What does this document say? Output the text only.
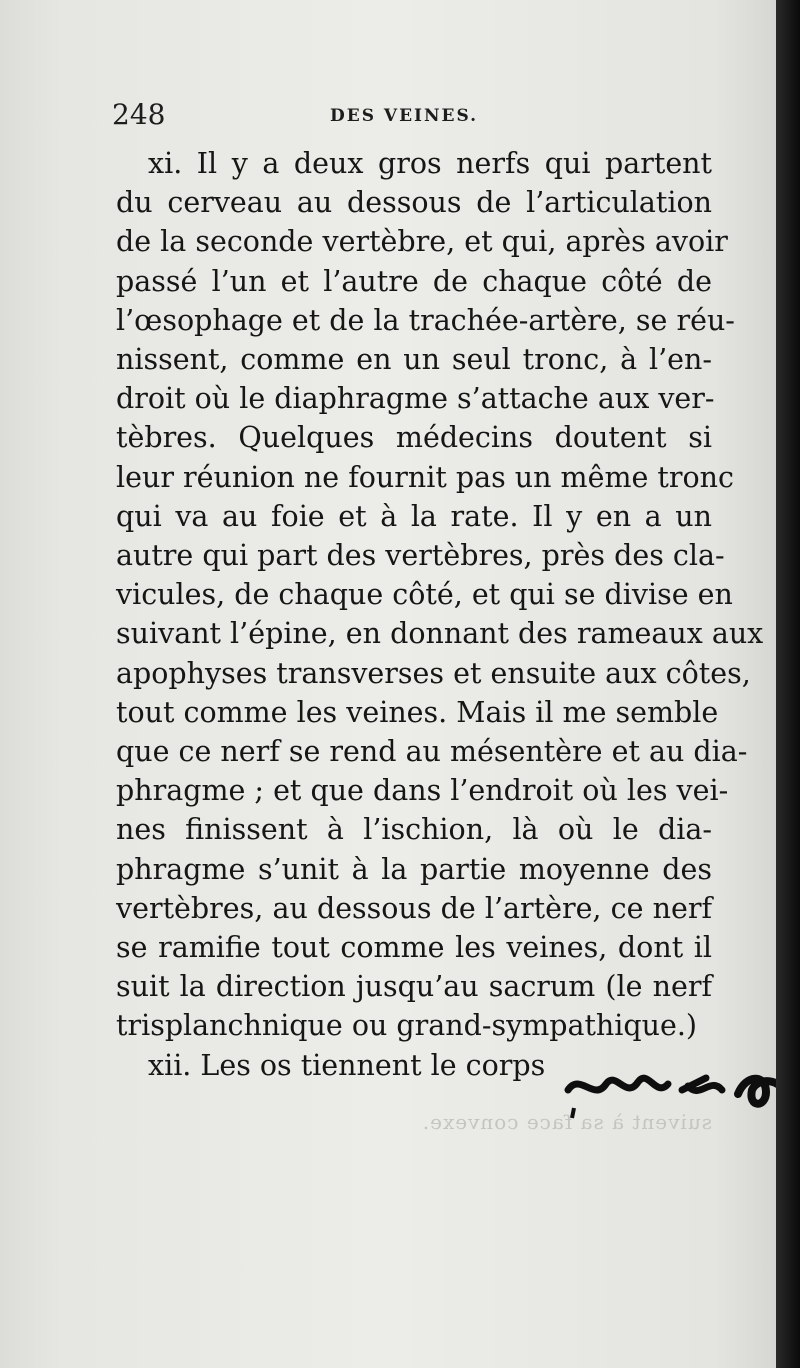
248	DES VEINES.
xi. Il y a deux gros nerfs qui partent
du cerveau au dessous de l’articulation
de la seconde vertèbre, et qui, après avoir
passé l’un et l’autre de chaque côté de
l’œsophage et de la trachée-artère, se réu-
nissent, comme en un seul tronc, à l’en-
droit où le diaphragme s’attache aux ver-
tèbres. Quelques médecins doutent si
leur réunion ne fournit pas un même tronc
qui va au foie et à la rate. Il y en a un
autre qui part des vertèbres, près des cla-
vicules, de chaque côté, et qui se divise en
suivant l’épine, en donnant des rameaux aux
apophyses transverses et ensuite aux côtes,
tout comme les veines. Mais il me semble
que ce nerf se rend au mésentère et au dia-
phragme ; et que dans l’endroit où les vei-
nes finissent à l’ischion, là où le dia-
phragme s’unit à la partie moyenne des
vertèbres, au dessous de l’artère, ce nerf
se ramifie tout comme les veines, dont il
suit la direction jusqu’au sacrum (le nerf
trisplanchnique ou grand-sympathique.)
xii. Les os tiennent le corps
suivent à sa face convexe.
